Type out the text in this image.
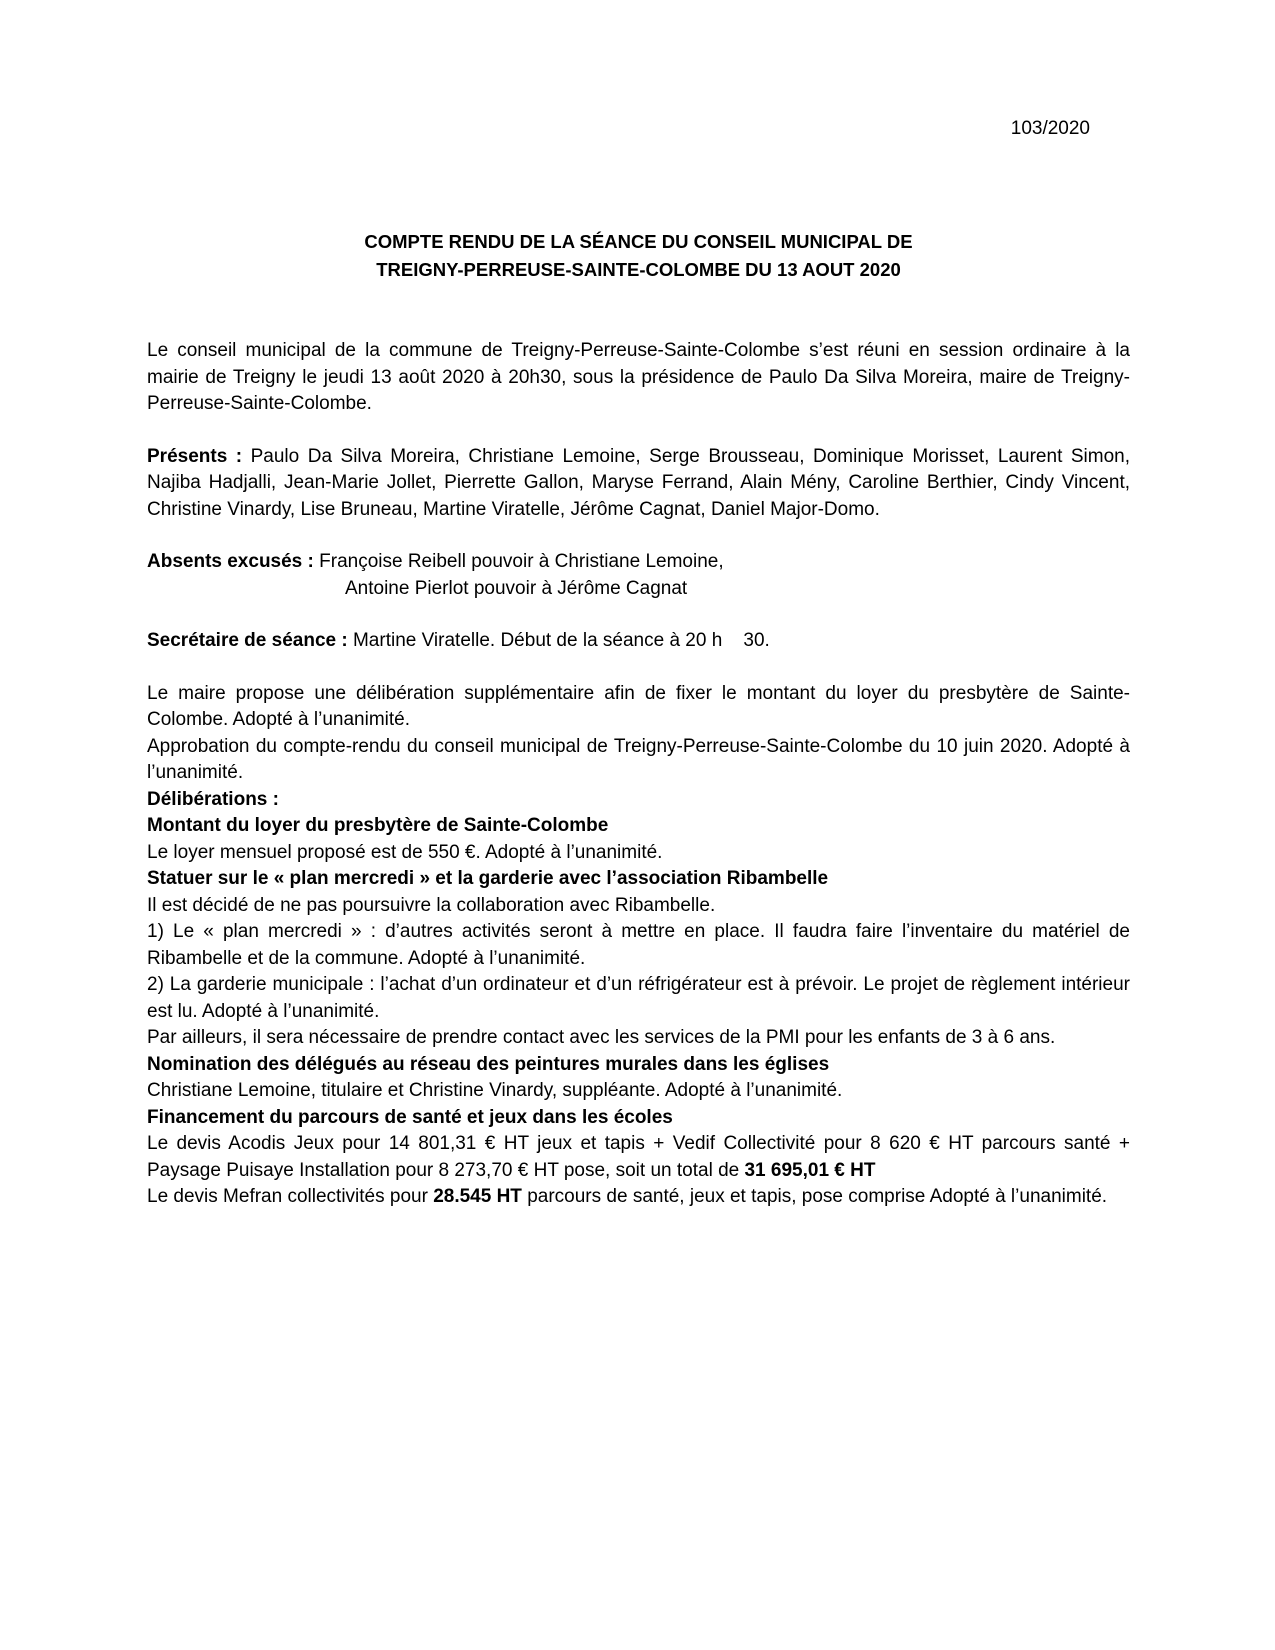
103/2020
COMPTE RENDU DE LA SÉANCE DU CONSEIL MUNICIPAL DE
TREIGNY-PERREUSE-SAINTE-COLOMBE DU 13 AOUT 2020

Le conseil municipal de la commune de Treigny-Perreuse-Sainte-Colombe s’est réuni en session ordinaire à la mairie de Treigny le jeudi 13 août 2020 à 20h30, sous la présidence de Paulo Da Silva Moreira, maire de Treigny-Perreuse-Sainte-Colombe.

Présents : Paulo Da Silva Moreira, Christiane Lemoine, Serge Brousseau, Dominique Morisset, Laurent Simon, Najiba Hadjalli, Jean-Marie Jollet, Pierrette Gallon, Maryse Ferrand, Alain Mény, Caroline Berthier, Cindy Vincent, Christine Vinardy, Lise Bruneau, Martine Viratelle, Jérôme Cagnat, Daniel Major-Domo.

Absents excusés : Françoise Reibell pouvoir à Christiane Lemoine,

Antoine Pierlot pouvoir à Jérôme Cagnat

Secrétaire de séance : Martine Viratelle. Début de la séance à 20 h    30.

Le maire propose une délibération supplémentaire afin de fixer le montant du loyer du presbytère de Sainte-Colombe. Adopté à l’unanimité.

Approbation du compte-rendu du conseil municipal de Treigny-Perreuse-Sainte-Colombe du 10 juin 2020. Adopté à l’unanimité.

Délibérations :

Montant du loyer du presbytère de Sainte-Colombe

Le loyer mensuel proposé est de 550 €. Adopté à l’unanimité.

Statuer sur le « plan mercredi » et la garderie avec l’association Ribambelle

Il est décidé de ne pas poursuivre la collaboration avec Ribambelle.

1) Le « plan mercredi » : d’autres activités seront à mettre en place. Il faudra faire l’inventaire du matériel de Ribambelle et de la commune. Adopté à l’unanimité.

2) La garderie municipale : l’achat d’un ordinateur et d’un réfrigérateur est à prévoir. Le projet de règlement intérieur est lu. Adopté à l’unanimité.

Par ailleurs, il sera nécessaire de prendre contact avec les services de la PMI pour les enfants de 3 à 6 ans.

Nomination des délégués au réseau des peintures murales dans les églises

Christiane Lemoine, titulaire et Christine Vinardy, suppléante. Adopté à l’unanimité.

Financement du parcours de santé et jeux dans les écoles

Le devis Acodis Jeux pour 14 801,31 € HT jeux et tapis + Vedif Collectivité pour 8 620 € HT parcours santé + Paysage Puisaye Installation pour 8 273,70 € HT pose, soit un total de 31 695,01 € HT

Le devis Mefran collectivités pour 28.545 HT parcours de santé, jeux et tapis, pose comprise Adopté à l’unanimité.
